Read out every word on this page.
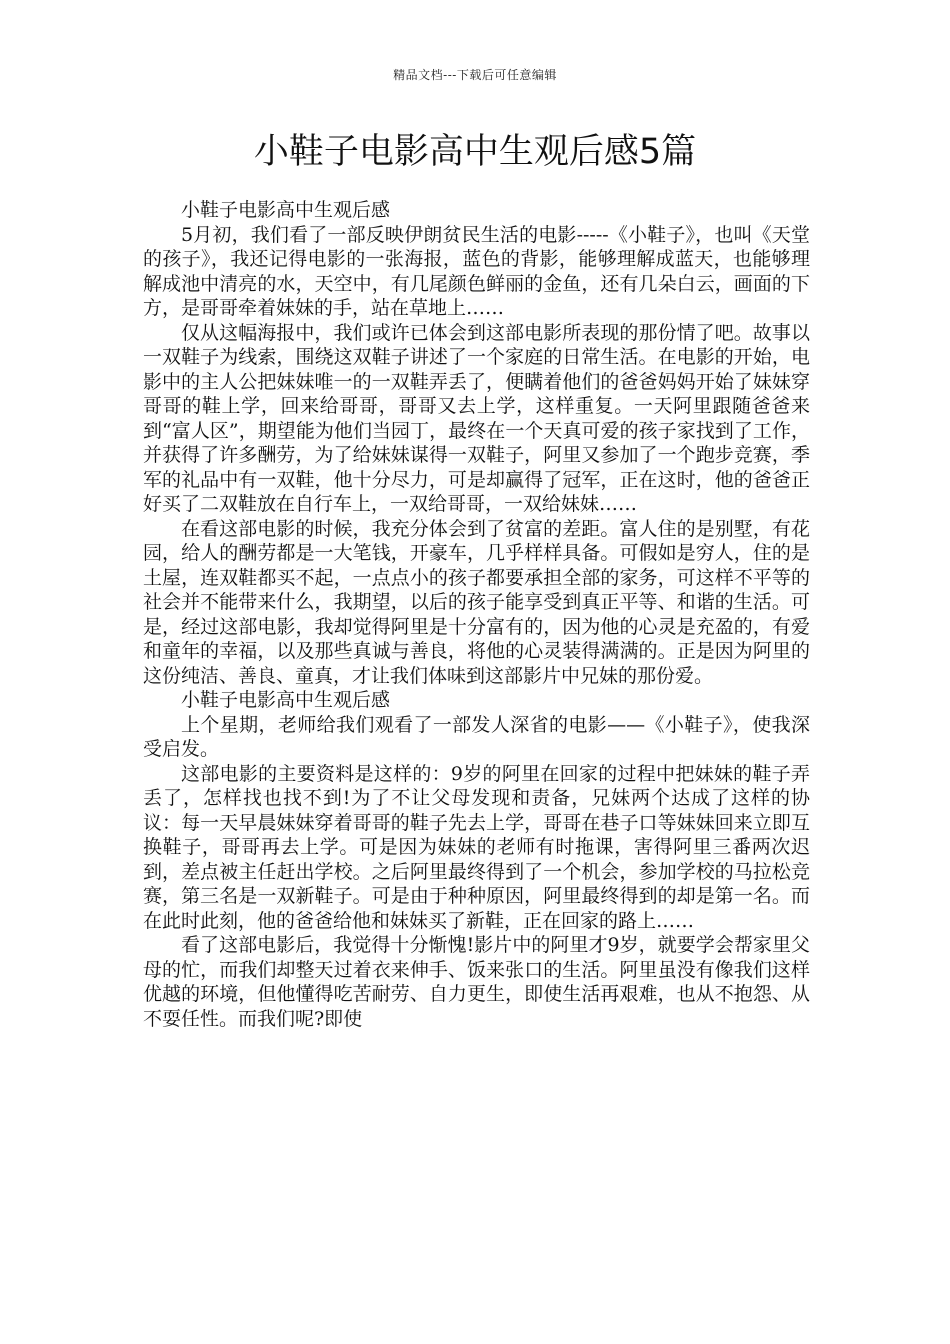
精品文档---下载后可任意编辑
小鞋子电影高中生观后感5篇

小鞋子电影高中生观后感

5月初，我们看了一部反映伊朗贫民生活的电影-----《小鞋子》，也叫《天堂的孩子》，我还记得电影的一张海报，蓝色的背影，能够理解成蓝天，也能够理解成池中清亮的水，天空中，有几尾颜色鲜丽的金鱼，还有几朵白云，画面的下方，是哥哥牵着妹妹的手，站在草地上……

仅从这幅海报中，我们或许已体会到这部电影所表现的那份情了吧。故事以一双鞋子为线索，围绕这双鞋子讲述了一个家庭的日常生活。在电影的开始，电影中的主人公把妹妹唯一的一双鞋弄丢了，便瞒着他们的爸爸妈妈开始了妹妹穿哥哥的鞋上学，回来给哥哥，哥哥又去上学，这样重复。一天阿里跟随爸爸来到“富人区”，期望能为他们当园丁，最终在一个天真可爱的孩子家找到了工作，并获得了许多酬劳，为了给妹妹谋得一双鞋子，阿里又参加了一个跑步竞赛，季军的礼品中有一双鞋，他十分尽力，可是却赢得了冠军，正在这时，他的爸爸正好买了二双鞋放在自行车上，一双给哥哥，一双给妹妹……

在看这部电影的时候，我充分体会到了贫富的差距。富人住的是别墅，有花园，给人的酬劳都是一大笔钱，开豪车，几乎样样具备。可假如是穷人，住的是土屋，连双鞋都买不起，一点点小的孩子都要承担全部的家务，可这样不平等的社会并不能带来什么，我期望，以后的孩子能享受到真正平等、和谐的生活。可是，经过这部电影，我却觉得阿里是十分富有的，因为他的心灵是充盈的，有爱和童年的幸福，以及那些真诚与善良，将他的心灵装得满满的。正是因为阿里的这份纯洁、善良、童真，才让我们体味到这部影片中兄妹的那份爱。

小鞋子电影高中生观后感

上个星期，老师给我们观看了一部发人深省的电影——《小鞋子》，使我深受启发。

这部电影的主要资料是这样的：9岁的阿里在回家的过程中把妹妹的鞋子弄丢了，怎样找也找不到!为了不让父母发现和责备，兄妹两个达成了这样的协议：每一天早晨妹妹穿着哥哥的鞋子先去上学，哥哥在巷子口等妹妹回来立即互换鞋子，哥哥再去上学。可是因为妹妹的老师有时拖课，害得阿里三番两次迟到，差点被主任赶出学校。之后阿里最终得到了一个机会，参加学校的马拉松竞赛，第三名是一双新鞋子。可是由于种种原因，阿里最终得到的却是第一名。而在此时此刻，他的爸爸给他和妹妹买了新鞋，正在回家的路上……

看了这部电影后，我觉得十分惭愧!影片中的阿里才9岁，就要学会帮家里父母的忙，而我们却整天过着衣来伸手、饭来张口的生活。阿里虽没有像我们这样优越的环境，但他懂得吃苦耐劳、自力更生，即使生活再艰难，也从不抱怨、从不耍任性。而我们呢?即使
